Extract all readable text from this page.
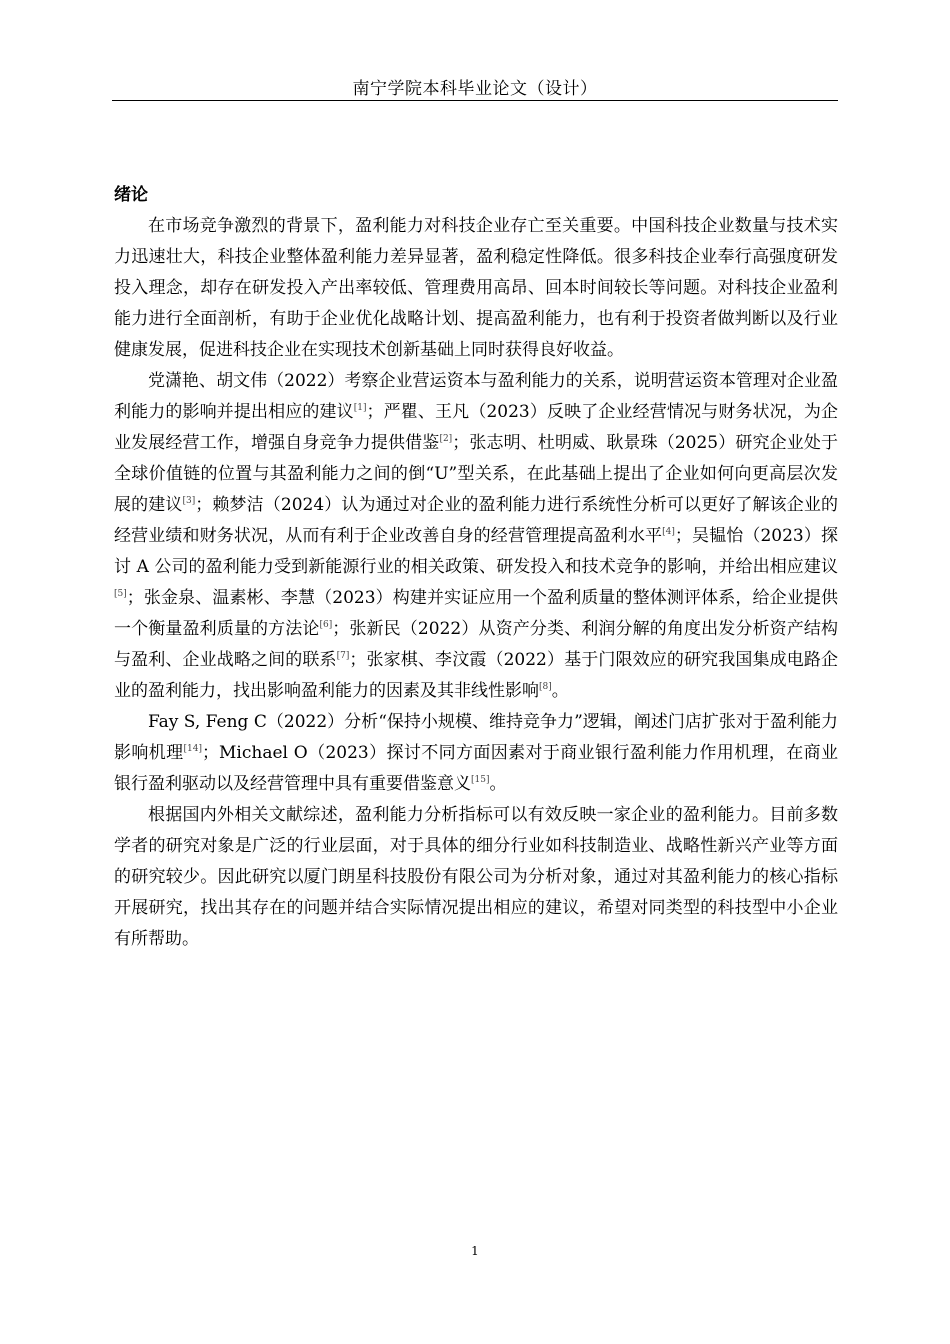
南宁学院本科毕业论文（设计）
绪论

在市场竞争激烈的背景下，盈利能力对科技企业存亡至关重要。中国科技企业数量与技术实力迅速壮大，科技企业整体盈利能力差异显著，盈利稳定性降低。很多科技企业奉行高强度研发投入理念，却存在研发投入产出率较低、管理费用高昂、回本时间较长等问题。对科技企业盈利能力进行全面剖析，有助于企业优化战略计划、提高盈利能力，也有利于投资者做判断以及行业健康发展，促进科技企业在实现技术创新基础上同时获得良好收益。

党潇艳、胡文伟（2022）考察企业营运资本与盈利能力的关系，说明营运资本管理对企业盈利能力的影响并提出相应的建议[1]；严瞿、王凡（2023）反映了企业经营情况与财务状况，为企业发展经营工作，增强自身竞争力提供借鉴[2]；张志明、杜明威、耿景珠（2025）研究企业处于全球价值链的位置与其盈利能力之间的倒“U”型关系，在此基础上提出了企业如何向更高层次发展的建议[3]；赖梦洁（2024）认为通过对企业的盈利能力进行系统性分析可以更好了解该企业的经营业绩和财务状况，从而有利于企业改善自身的经营管理提高盈利水平[4]；吴韫怡（2023）探讨 A 公司的盈利能力受到新能源行业的相关政策、研发投入和技术竞争的影响，并给出相应建议[5]；张金泉、温素彬、李慧（2023）构建并实证应用一个盈利质量的整体测评体系，给企业提供一个衡量盈利质量的方法论[6]；张新民（2022）从资产分类、利润分解的角度出发分析资产结构与盈利、企业战略之间的联系[7]；张家棋、李汶霞（2022）基于门限效应的研究我国集成电路企业的盈利能力，找出影响盈利能力的因素及其非线性影响[8]。

Fay S, Feng C（2022）分析“保持小规模、维持竞争力”逻辑，阐述门店扩张对于盈利能力影响机理[14]；Michael O（2023）探讨不同方面因素对于商业银行盈利能力作用机理，在商业银行盈利驱动以及经营管理中具有重要借鉴意义[15]。

根据国内外相关文献综述，盈利能力分析指标可以有效反映一家企业的盈利能力。目前多数学者的研究对象是广泛的行业层面，对于具体的细分行业如科技制造业、战略性新兴产业等方面的研究较少。因此研究以厦门朗星科技股份有限公司为分析对象，通过对其盈利能力的核心指标开展研究，找出其存在的问题并结合实际情况提出相应的建议，希望对同类型的科技型中小企业有所帮助。

1
